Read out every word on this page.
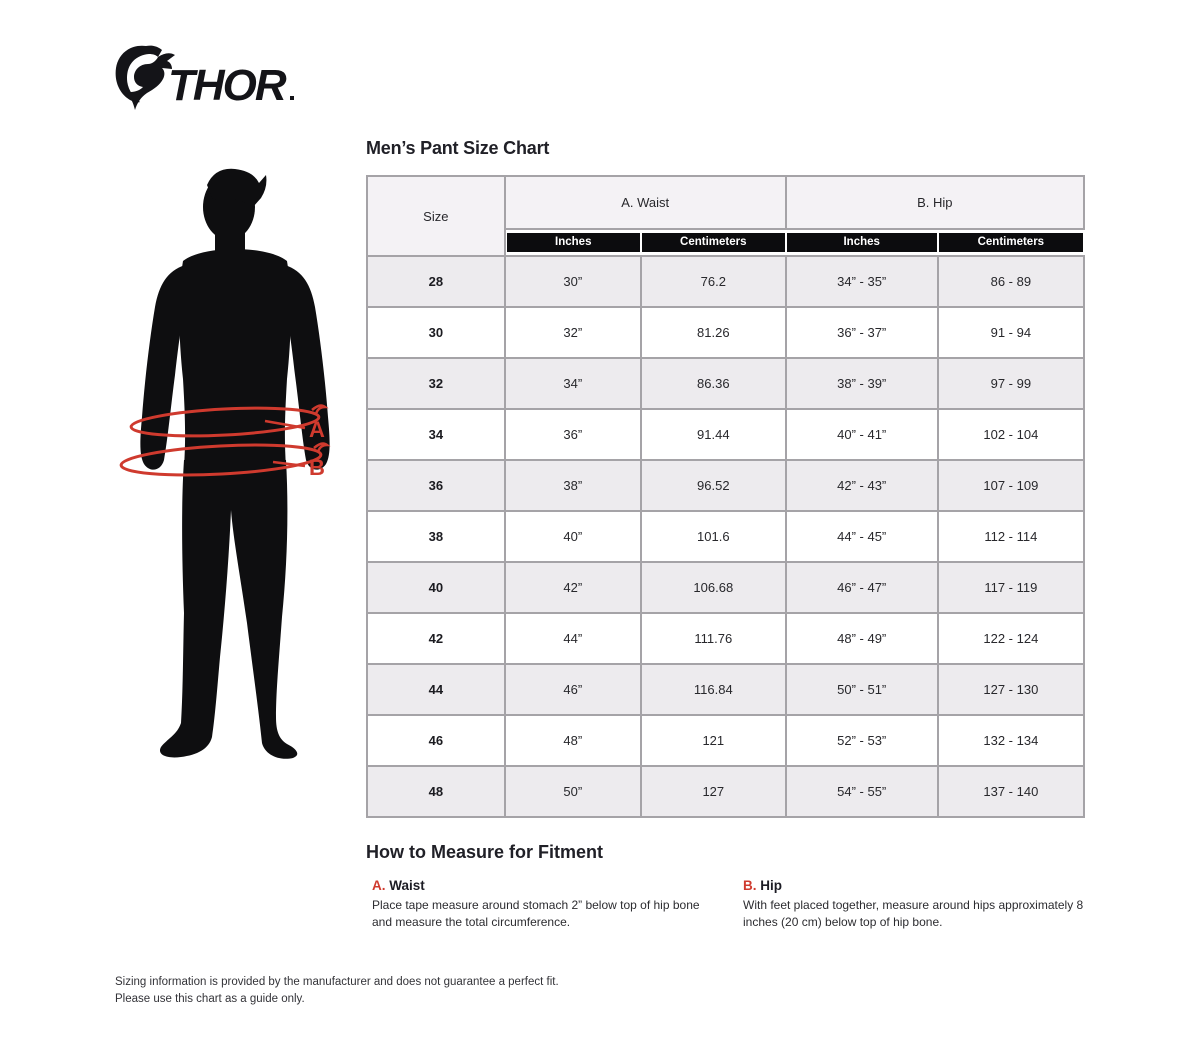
THOR
Men’s Pant Size Chart
A
B
Size	A. Waist		B. Hip	

	Inches	Centimeters	Inches	Centimeters

28	30”	76.2	34” - 35”	86 - 89
30	32”	81.26	36” - 37”	91 - 94
32	34”	86.36	38” - 39”	97 - 99
34	36”	91.44	40” - 41”	102 - 104
36	38”	96.52	42” - 43”	107 - 109
38	40”	101.6	44” - 45”	112 - 114
40	42”	106.68	46” - 47”	117 - 119
42	44”	111.76	48” - 49”	122 - 124
44	46”	116.84	50” - 51”	127 - 130
46	48”	121	52” - 53”	132 - 134
48	50”	127	54” - 55”	137 - 140
How to Measure for Fitment
A. Waist
Place tape measure around stomach 2” below top of hip bone and measure the total circumference.
B. Hip
With feet placed together, measure around hips approximately 8 inches (20 cm) below top of hip bone.
Sizing information is provided by the manufacturer and does not guarantee a perfect fit.
Please use this chart as a guide only.
